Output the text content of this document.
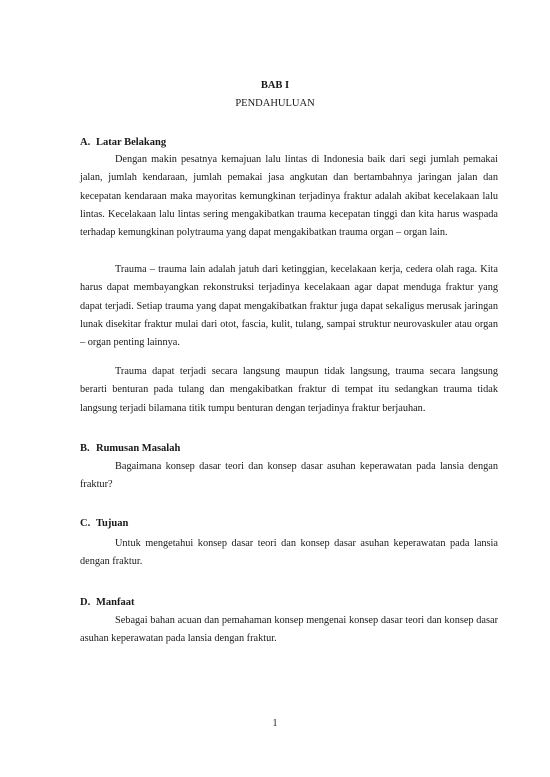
BAB I
PENDAHULUAN
A. Latar Belakang

Dengan makin pesatnya kemajuan lalu lintas di Indonesia baik dari segi jumlah pemakai jalan, jumlah kendaraan, jumlah pemakai jasa angkutan dan bertambahnya jaringan jalan dan kecepatan kendaraan maka mayoritas kemungkinan terjadinya fraktur adalah akibat kecelakaan lalu lintas. Kecelakaan lalu lintas sering mengakibatkan trauma kecepatan tinggi dan kita harus waspada terhadap kemungkinan polytrauma yang dapat mengakibatkan trauma organ – organ lain.

Trauma – trauma lain adalah jatuh dari ketinggian, kecelakaan kerja, cedera olah raga. Kita harus dapat membayangkan rekonstruksi terjadinya kecelakaan agar dapat menduga fraktur yang dapat terjadi. Setiap trauma yang dapat mengakibatkan fraktur juga dapat sekaligus merusak jaringan lunak disekitar fraktur mulai dari otot, fascia, kulit, tulang, sampai struktur neurovaskuler atau organ – organ penting lainnya.

Trauma dapat terjadi secara langsung maupun tidak langsung, trauma secara langsung berarti benturan pada tulang dan mengakibatkan fraktur di tempat itu sedangkan trauma tidak langsung terjadi bilamana titik tumpu benturan dengan terjadinya fraktur berjauhan.

B. Rumusan Masalah

Bagaimana konsep dasar teori dan konsep dasar asuhan keperawatan pada lansia dengan fraktur?

C. Tujuan

Untuk mengetahui konsep dasar teori dan konsep dasar asuhan keperawatan pada lansia dengan fraktur.

D. Manfaat

Sebagai bahan acuan dan pemahaman konsep mengenai konsep dasar teori dan konsep dasar asuhan keperawatan pada lansia dengan fraktur.

1
